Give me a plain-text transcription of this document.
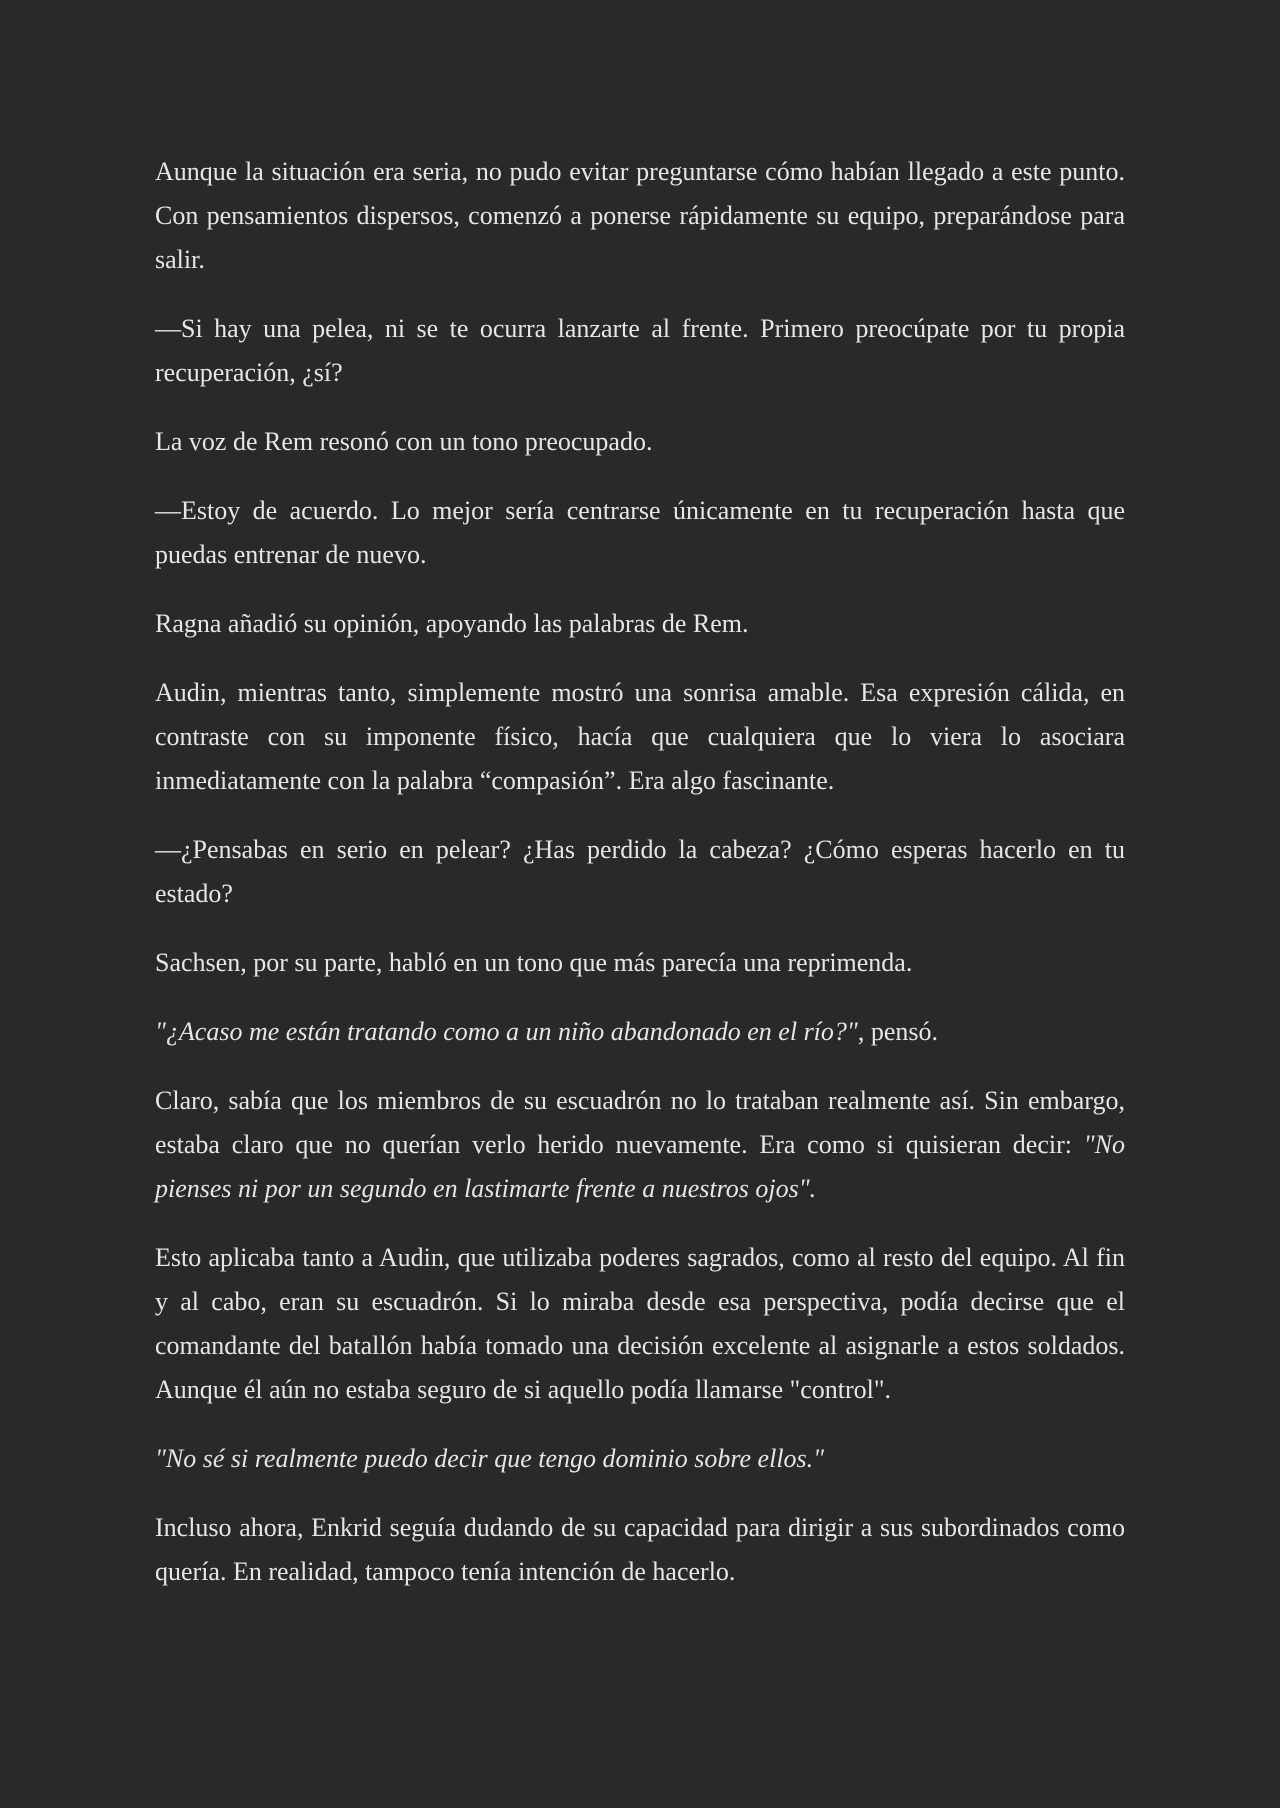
Aunque la situación era seria, no pudo evitar preguntarse cómo habían llegado a este punto. Con pensamientos dispersos, comenzó a ponerse rápidamente su equipo, preparándose para salir.

—Si hay una pelea, ni se te ocurra lanzarte al frente. Primero preocúpate por tu propia recuperación, ¿sí?

La voz de Rem resonó con un tono preocupado.

—Estoy de acuerdo. Lo mejor sería centrarse únicamente en tu recuperación hasta que puedas entrenar de nuevo.

Ragna añadió su opinión, apoyando las palabras de Rem.

Audin, mientras tanto, simplemente mostró una sonrisa amable. Esa expresión cálida, en contraste con su imponente físico, hacía que cualquiera que lo viera lo asociara inmediatamente con la palabra “compasión”. Era algo fascinante.

—¿Pensabas en serio en pelear? ¿Has perdido la cabeza? ¿Cómo esperas hacerlo en tu estado?

Sachsen, por su parte, habló en un tono que más parecía una reprimenda.

"¿Acaso me están tratando como a un niño abandonado en el río?", pensó.

Claro, sabía que los miembros de su escuadrón no lo trataban realmente así. Sin embargo, estaba claro que no querían verlo herido nuevamente. Era como si quisieran decir: "No pienses ni por un segundo en lastimarte frente a nuestros ojos".

Esto aplicaba tanto a Audin, que utilizaba poderes sagrados, como al resto del equipo. Al fin y al cabo, eran su escuadrón. Si lo miraba desde esa perspectiva, podía decirse que el comandante del batallón había tomado una decisión excelente al asignarle a estos soldados. Aunque él aún no estaba seguro de si aquello podía llamarse "control".

"No sé si realmente puedo decir que tengo dominio sobre ellos."

Incluso ahora, Enkrid seguía dudando de su capacidad para dirigir a sus subordinados como quería. En realidad, tampoco tenía intención de hacerlo.
